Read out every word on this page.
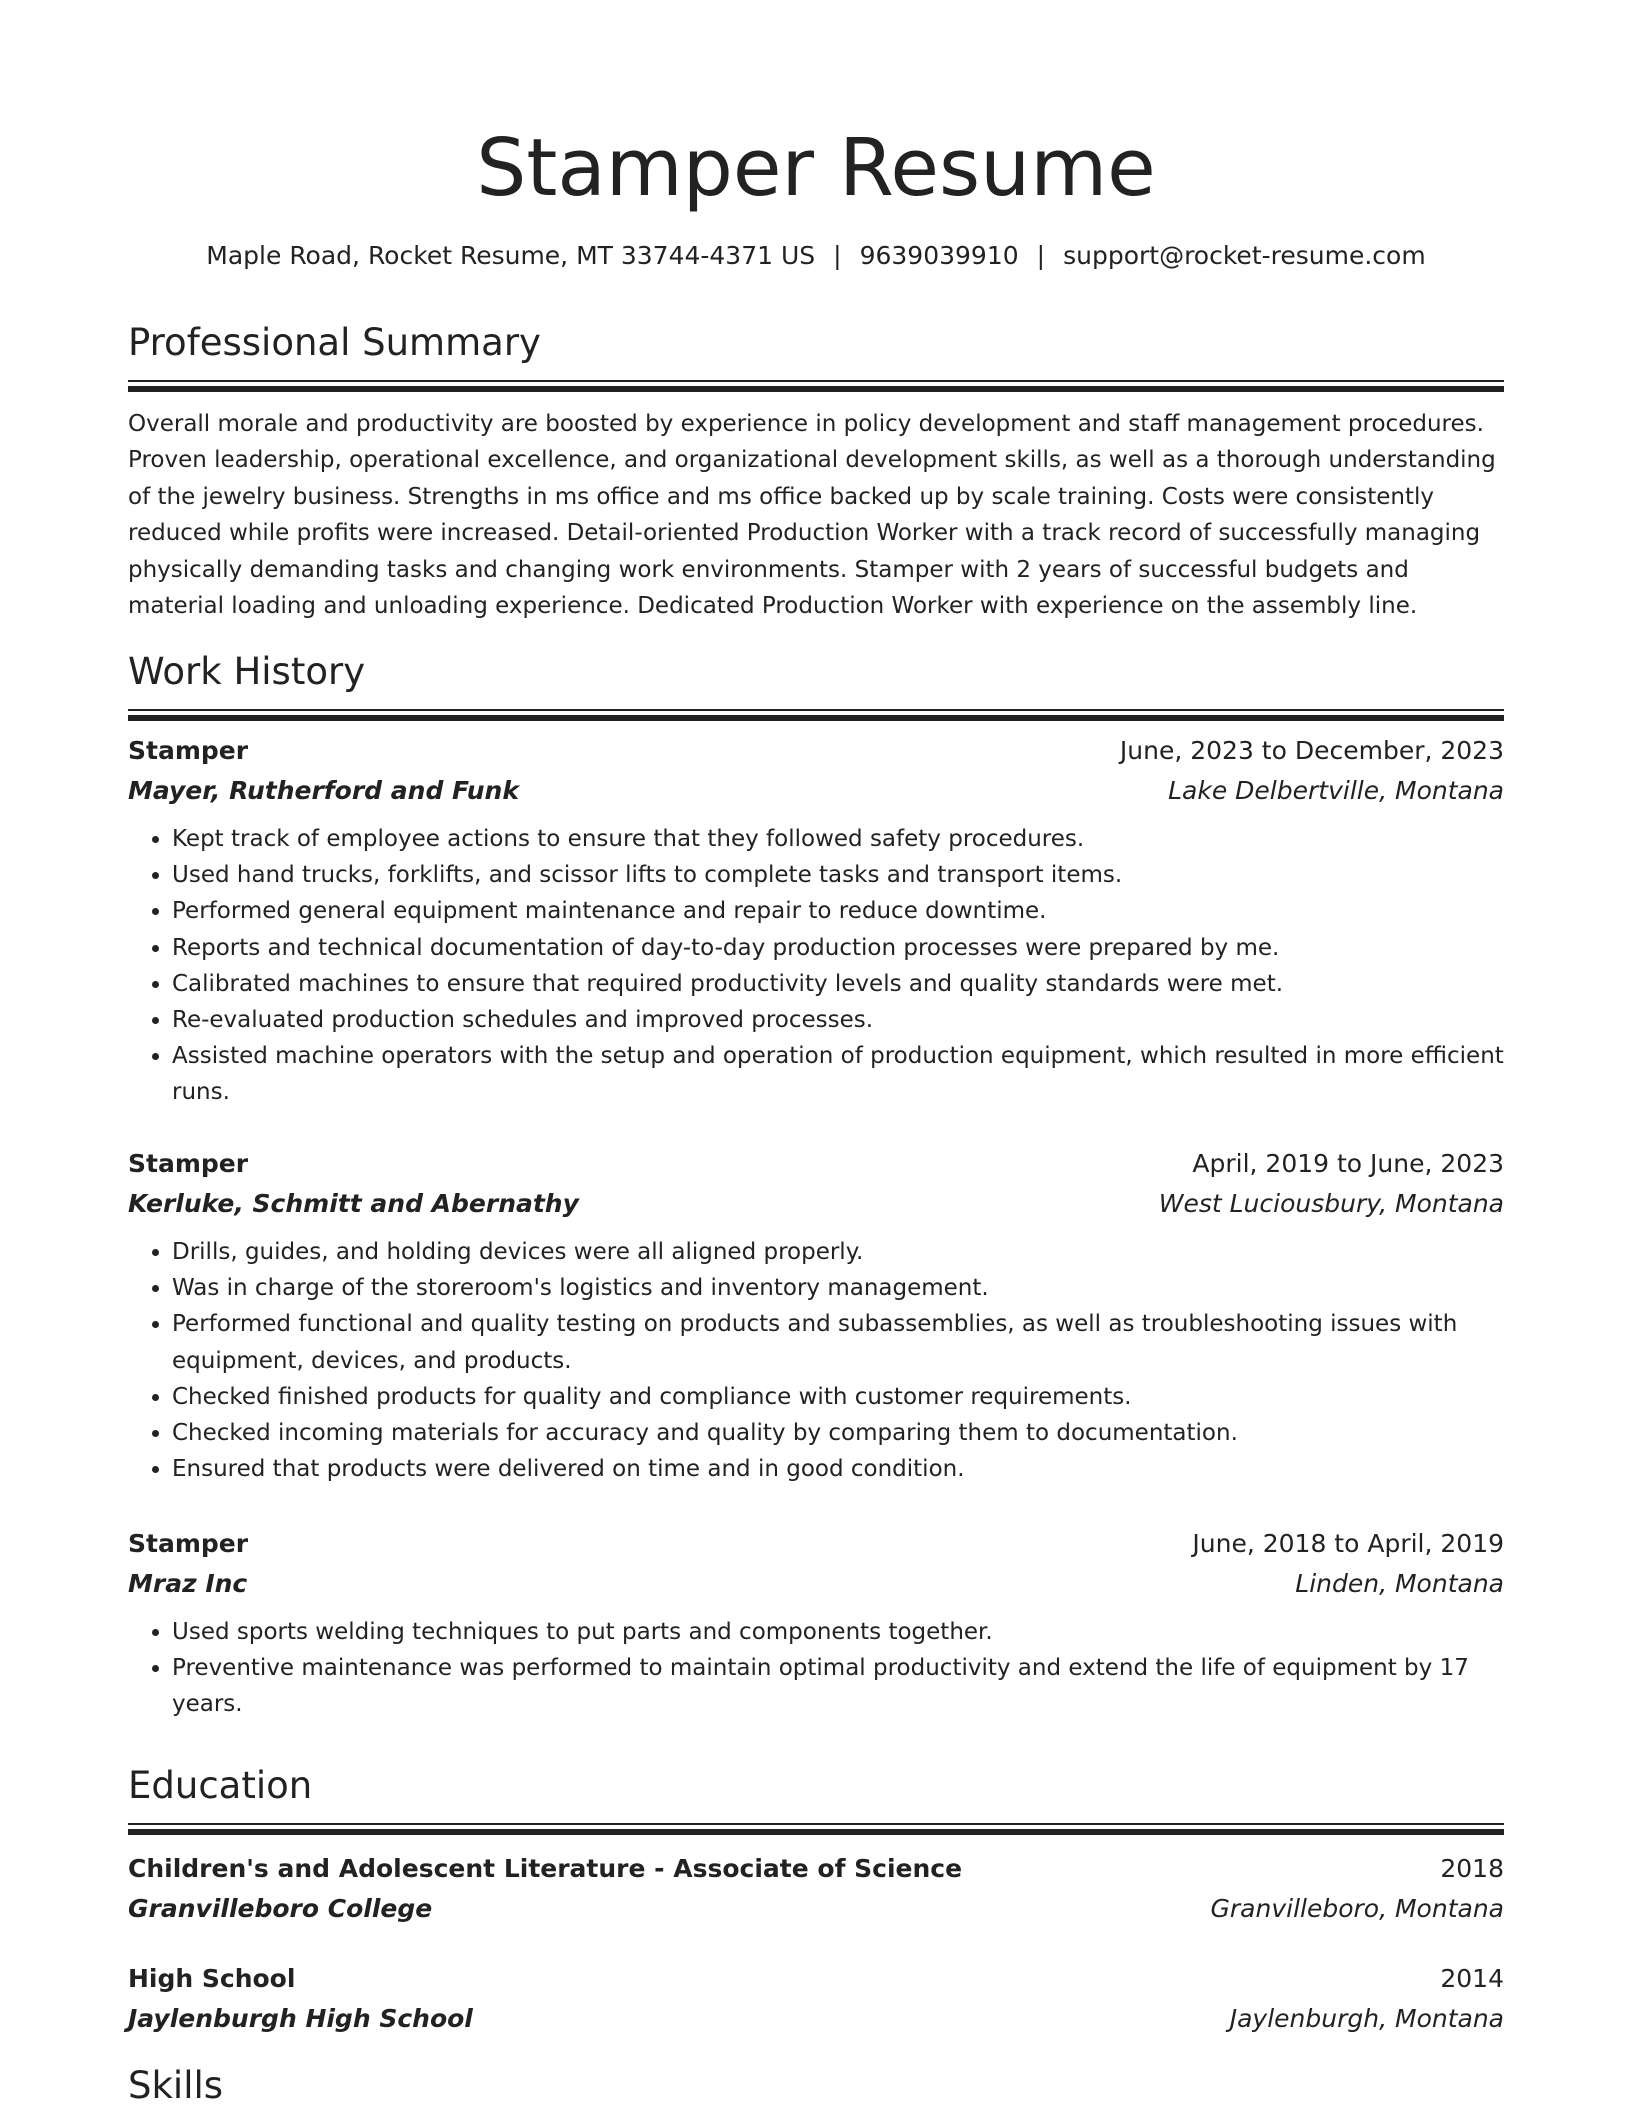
Stamper Resume
Maple Road, Rocket Resume, MT 33744-4371 US | 9639039910 | support@rocket-resume.com
Professional Summary
Overall morale and productivity are boosted by experience in policy development and staff management procedures. Proven leadership, operational excellence, and organizational development skills, as well as a thorough understanding of the jewelry business. Strengths in ms office and ms office backed up by scale training. Costs were consistently reduced while profits were increased. Detail-oriented Production Worker with a track record of successfully managing physically demanding tasks and changing work environments. Stamper with 2 years of successful budgets and material loading and unloading experience. Dedicated Production Worker with experience on the assembly line.
Work History
Stamper	June, 2023 to December, 2023
Mayer, Rutherford and Funk	Lake Delbertville, Montana
• Kept track of employee actions to ensure that they followed safety procedures.
• Used hand trucks, forklifts, and scissor lifts to complete tasks and transport items.
• Performed general equipment maintenance and repair to reduce downtime.
• Reports and technical documentation of day-to-day production processes were prepared by me.
• Calibrated machines to ensure that required productivity levels and quality standards were met.
• Re-evaluated production schedules and improved processes.
• Assisted machine operators with the setup and operation of production equipment, which resulted in more efficient runs.
Stamper	April, 2019 to June, 2023
Kerluke, Schmitt and Abernathy	West Luciousbury, Montana
• Drills, guides, and holding devices were all aligned properly.
• Was in charge of the storeroom's logistics and inventory management.
• Performed functional and quality testing on products and subassemblies, as well as troubleshooting issues with equipment, devices, and products.
• Checked finished products for quality and compliance with customer requirements.
• Checked incoming materials for accuracy and quality by comparing them to documentation.
• Ensured that products were delivered on time and in good condition.
Stamper	June, 2018 to April, 2019
Mraz Inc	Linden, Montana
• Used sports welding techniques to put parts and components together.
• Preventive maintenance was performed to maintain optimal productivity and extend the life of equipment by 17 years.
Education
Children's and Adolescent Literature - Associate of Science	2018
Granvilleboro College	Granvilleboro, Montana
High School	2014
Jaylenburgh High School	Jaylenburgh, Montana
Skills
